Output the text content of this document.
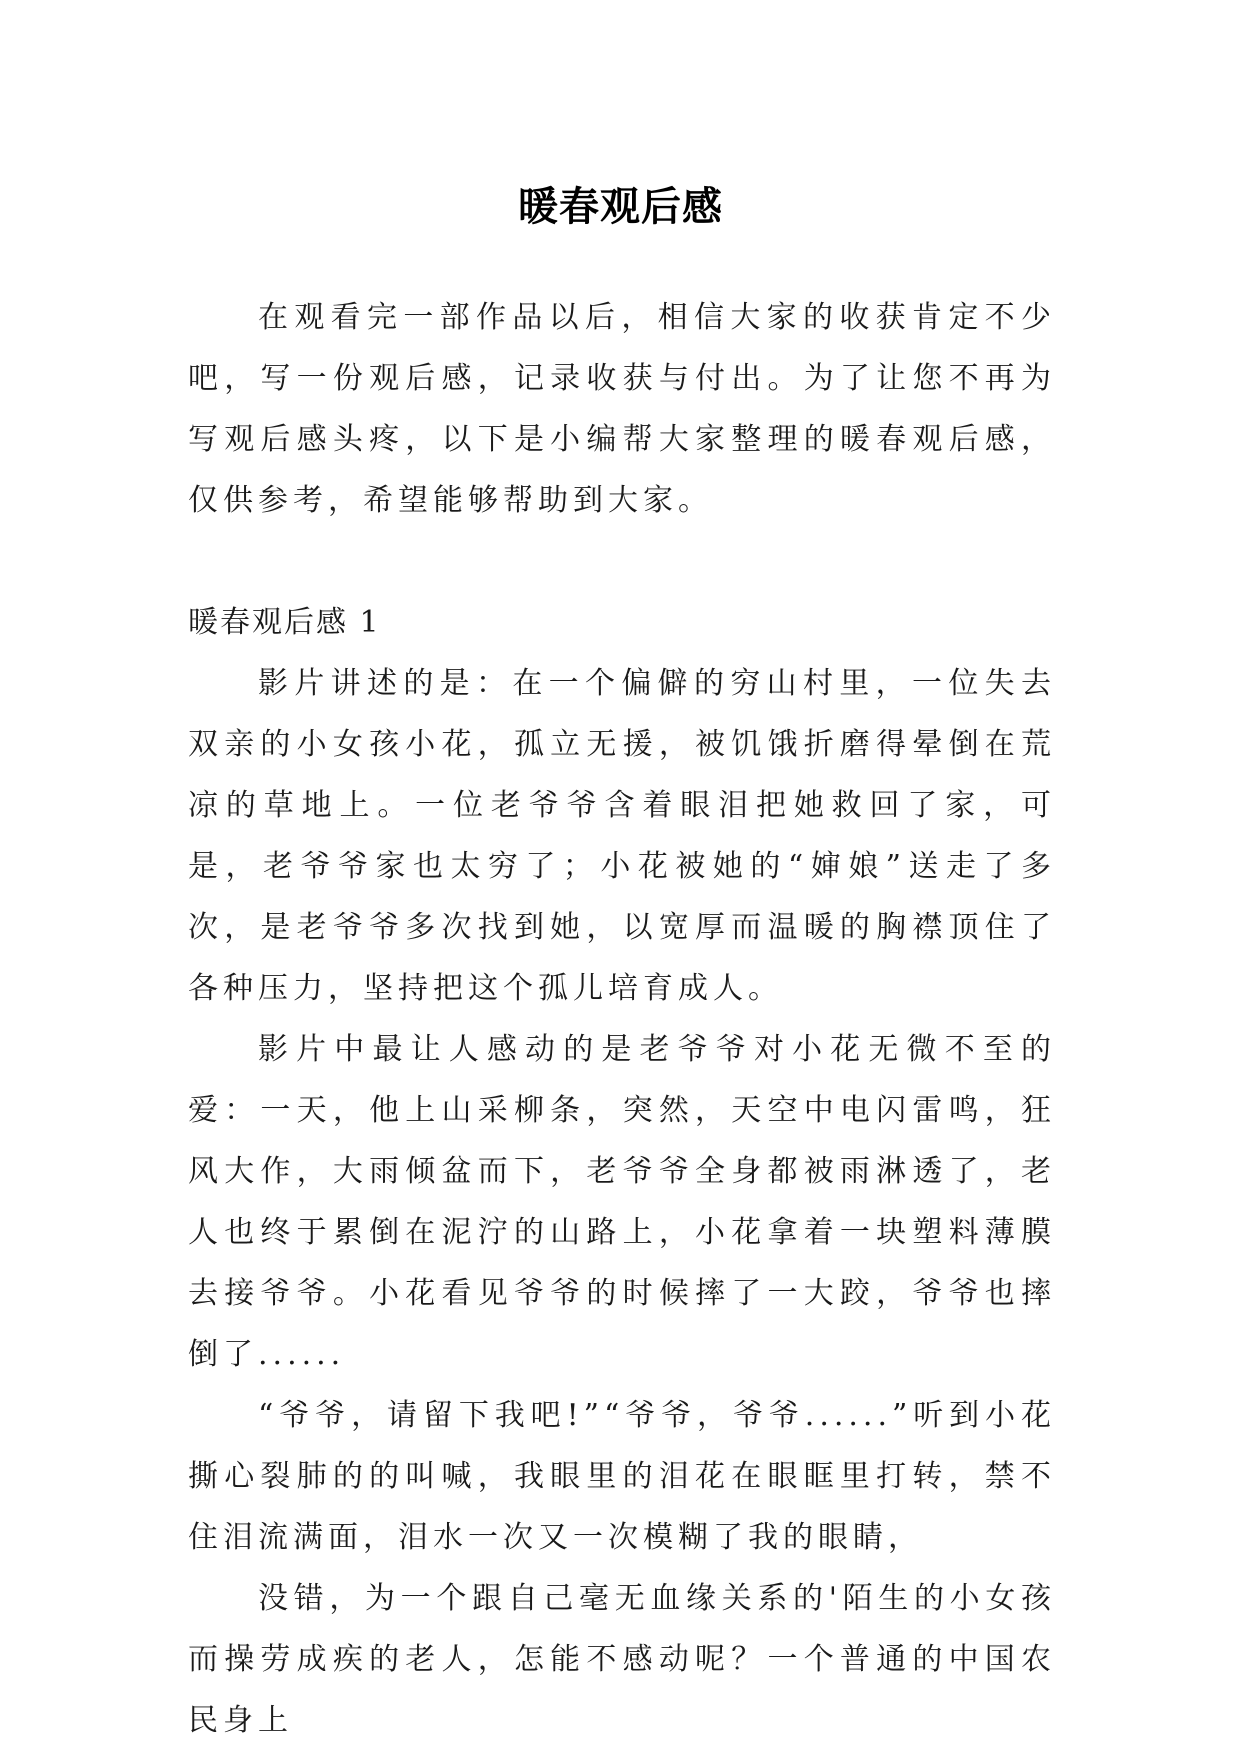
暖春观后感

在观看完一部作品以后，相信大家的收获肯定不少吧，写一份观后感，记录收获与付出。为了让您不再为写观后感头疼，以下是小编帮大家整理的暖春观后感，仅供参考，希望能够帮助到大家。

暖春观后感 1

影片讲述的是：在一个偏僻的穷山村里，一位失去双亲的小女孩小花，孤立无援，被饥饿折磨得晕倒在荒凉的草地上。一位老爷爷含着眼泪把她救回了家，可是，老爷爷家也太穷了；小花被她的“婶娘”送走了多次，是老爷爷多次找到她，以宽厚而温暖的胸襟顶住了各种压力，坚持把这个孤儿培育成人。

影片中最让人感动的是老爷爷对小花无微不至的爱：一天，他上山采柳条，突然，天空中电闪雷鸣，狂风大作，大雨倾盆而下，老爷爷全身都被雨淋透了，老人也终于累倒在泥泞的山路上，小花拿着一块塑料薄膜去接爷爷。小花看见爷爷的时候摔了一大跤，爷爷也摔倒了......

“爷爷，请留下我吧!”“爷爷，爷爷......”听到小花撕心裂肺的的叫喊，我眼里的泪花在眼眶里打转，禁不住泪流满面，泪水一次又一次模糊了我的眼睛，

没错，为一个跟自己毫无血缘关系的'陌生的小女孩而操劳成疾的老人，怎能不感动呢？一个普通的中国农民身上
